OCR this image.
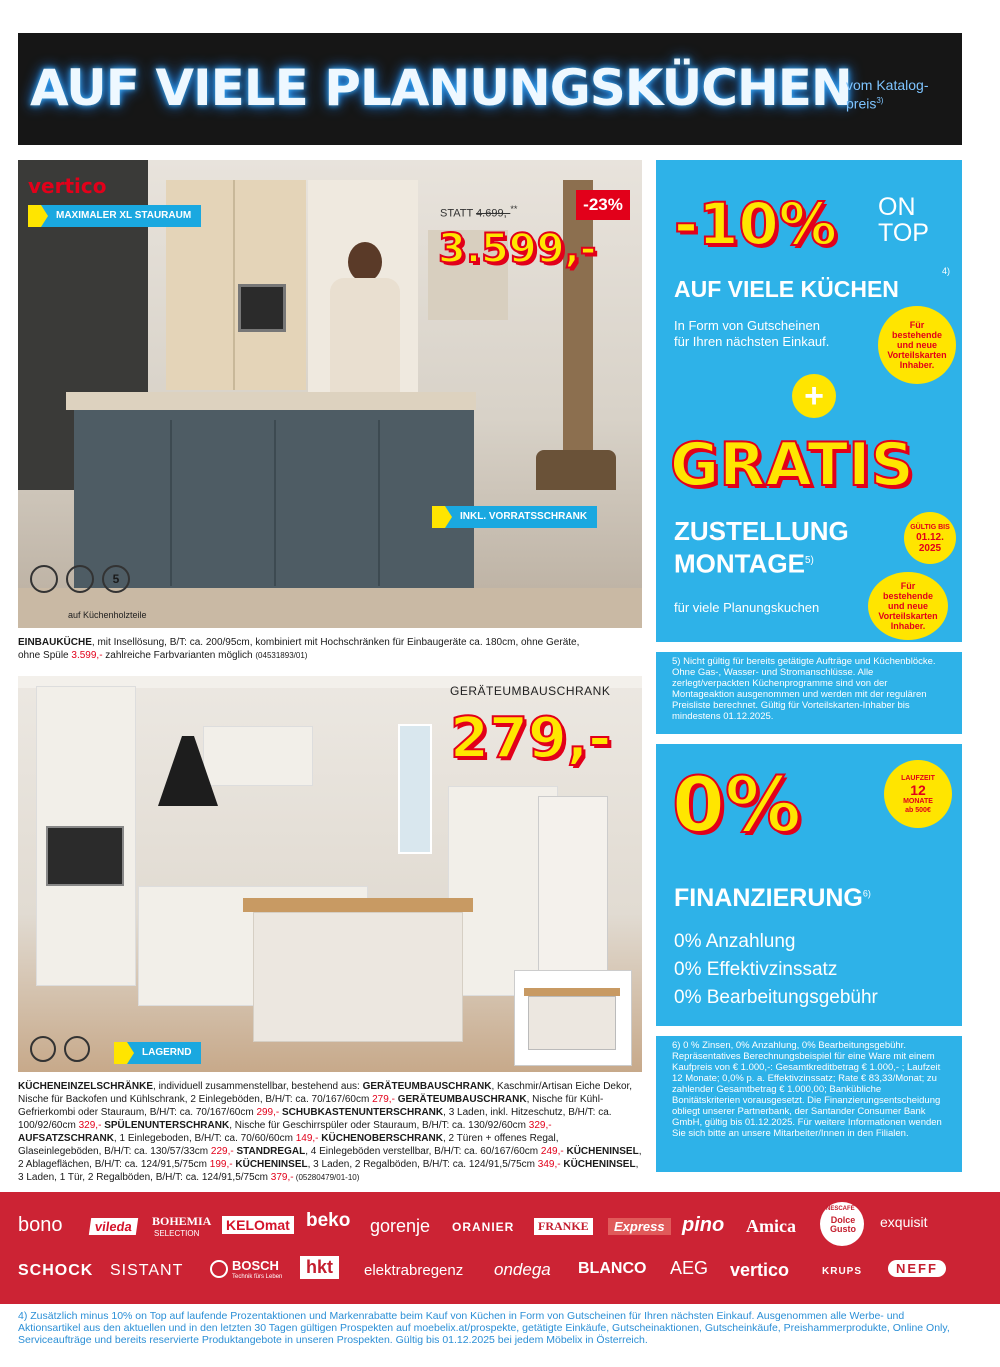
AUF VIELE PLANUNGSKÜCHEN
vom Katalog-
preis$^{3)}$
MAXIMALER XL STAURAUM
INKL. VORRATSSCHRANK
vertico
STATT 4.699,-**	-23%
3.599,-
5
auf Küchenholzteile
EINBAUKÜCHE, mit Insellösung, B/T: ca. 200/95cm, kombiniert mit Hochschränken für Einbaugeräte ca. 180cm, ohne Geräte,
ohne Spüle 3.599,- zahlreiche Farbvarianten möglich (04531893/01)
GERÄTEUMBAUSCHRANK
279,-
LAGERND
KÜCHENEINZELSCHRÄNKE, individuell zusammenstellbar, bestehend aus: GERÄTEUMBAUSCHRANK, Kaschmir/Artisan Eiche Dekor, Nische für Backofen und Kühlschrank, 2 Einlegeböden, B/H/T: ca. 70/167/60cm 279,- GERÄTEUMBAUSCHRANK, Nische für Kühl-Gefrierkombi oder Stauraum, B/H/T: ca. 70/167/60cm 299,- SCHUBKASTENUNTERSCHRANK, 3 Laden, inkl. Hitzeschutz, B/H/T: ca. 100/92/60cm 329,- SPÜLENUNTERSCHRANK, Nische für Geschirrspüler oder Stauraum, B/H/T: ca. 130/92/60cm 329,- AUFSATZSCHRANK, 1 Einlegeboden, B/H/T: ca. 70/60/60cm 149,- KÜCHENOBERSCHRANK, 2 Türen + offenes Regal, Glaseinlegeböden, B/H/T: ca. 130/57/33cm 229,- STANDREGAL, 4 Einlegeböden verstellbar, B/H/T: ca. 60/167/60cm 249,- KÜCHENINSEL, 2 Ablageflächen, B/H/T: ca. 124/91,5/75cm 199,- KÜCHENINSEL, 3 Laden, 2 Regalböden, B/H/T: ca. 124/91,5/75cm 349,- KÜCHENINSEL, 3 Laden, 1 Tür, 2 Regalböden, B/H/T: ca. 124/91,5/75cm 379,- (05280479/01-10)
-10% ON
TOP
4)
AUF VIELE KÜCHEN
In Form von Gutscheinen
für Ihren nächsten Einkauf.
Für
bestehende
und neue
Vorteilskarten
Inhaber.
+
GRATIS
ZUSTELLUNG
MONTAGE$^{5)}$
GÜLTIG BIS
01.12.
2025
Für
bestehende
und neue
Vorteilskarten
Inhaber.
für viele Planungskuchen
5) Nicht gültig für bereits getätigte Aufträge und Küchenblöcke. Ohne Gas-, Wasser- und Stromanschlüsse. Alle zerlegt/verpackten Küchenprogramme sind von der Montageaktion ausgenommen und werden mit der regulären Preisliste berechnet. Gültig für Vorteilskarten-Inhaber bis mindestens 01.12.2025.
0%	LAUFZEIT
12
MONATE
ab 500€
FINANZIERUNG$^{6)}$
0% Anzahlung
0% Effektivzinssatz
0% Bearbeitungsgebühr
6) 0 % Zinsen, 0% Anzahlung, 0% Bearbeitungsgebühr. Repräsentatives Berechnungsbeispiel für eine Ware mit einem Kaufpreis von € 1.000,-: Gesamtkreditbetrag € 1.000,- ; Laufzeit 12 Monate; 0,0% p. a. Effektivzinssatz; Rate € 83,33/Monat; zu zahlender Gesamtbetrag € 1.000,00; Bankübliche Bonitätskriterien vorausgesetzt. Die Finanzierungsentscheidung obliegt unserer Partnerbank, der Santander Consumer Bank GmbH, gültig bis 01.12.2025. Für weitere Informationen wenden Sie sich bitte an unsere Mitarbeiter/Innen in den Filialen.
bono	vileda	BOHEMIA
SELECTION
KELOmat beko gorenje ORANIER	FRANKE	Express pino Amica
NESCAFÉ
Dolce Gusto	exquisit
SCHOCK SISTANT	BOSCH
Technik fürs Leben	hkt	elektrabregenz ondega BLANCO AEG vertico	KRUPS	NEFF
4) Zusätzlich minus 10% on Top auf laufende Prozentaktionen und Markenrabatte beim Kauf von Küchen in Form von Gutscheinen für Ihren nächsten Einkauf. Ausgenommen alle Werbe- und Aktionsartikel aus den aktuellen und in den letzten 30 Tagen gültigen Prospekten auf moebelix.at/prospekte, getätigte Einkäufe, Gutscheinaktionen, Gutscheinkäufe, Preishammerprodukte, Online Only, Serviceaufträge und bereits reservierte Produktangebote in unseren Prospekten. Gültig bis 01.12.2025 bei jedem Möbelix in Österreich.
